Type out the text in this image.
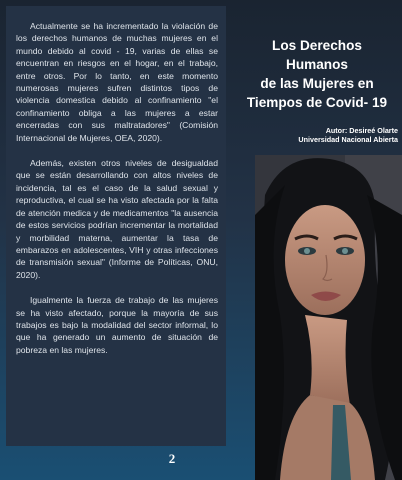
Actualmente se ha incrementado la violación de los derechos humanos de muchas mujeres en el mundo debido al covid - 19, varias de ellas se encuentran en riesgos en el hogar, en el trabajo, entre otros. Por lo tanto, en este momento numerosas mujeres sufren distintos tipos de violencia domestica debido al confinamiento "el confinamiento obliga a las mujeres a estar encerradas con sus maltratadores" (Comisión Internacional de Mujeres, OEA, 2020).

Además, existen otros niveles de desigualdad que se están desarrollando con altos niveles de incidencia, tal es el caso de la salud sexual y reproductiva, el cual se ha visto afectada por la falta de atención medica y de medicamentos "la ausencia de estos servicios podrían incrementar la mortalidad y morbilidad materna, aumentar la tasa de embarazos en adolescentes, VIH y otras infecciones de transmisión sexual" (Informe de Políticas, ONU, 2020).

Igualmente la fuerza de trabajo de las mujeres se ha visto afectado, porque la mayoría de sus trabajos es bajo la modalidad del sector informal, lo que ha generado un aumento de situación de pobreza en las mujeres.

2
Los Derechos Humanos
de las Mujeres en
Tiempos de Covid- 19
Autor: Desireé Olarte
Universidad Nacional Abierta
